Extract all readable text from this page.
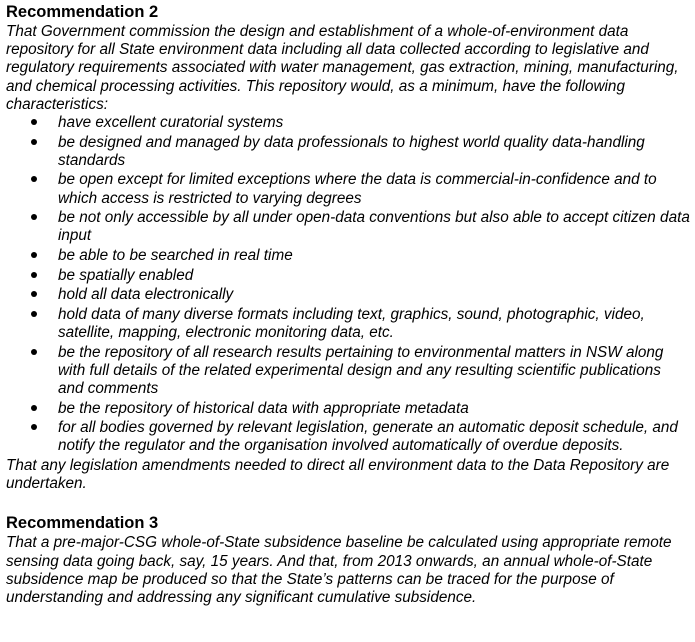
Recommendation 2

That Government commission the design and establishment of a whole-of-environment data repository for all State environment data including all data collected according to legislative and regulatory requirements associated with water management, gas extraction, mining, manufacturing, and chemical processing activities. This repository would, as a minimum, have the following characteristics:

have excellent curatorial systems
be designed and managed by data professionals to highest world quality data-handling standards
be open except for limited exceptions where the data is commercial-in-confidence and to which access is restricted to varying degrees
be not only accessible by all under open-data conventions but also able to accept citizen data input
be able to be searched in real time
be spatially enabled
hold all data electronically
hold data of many diverse formats including text, graphics, sound, photographic, video, satellite, mapping, electronic monitoring data, etc.
be the repository of all research results pertaining to environmental matters in NSW along with full details of the related experimental design and any resulting scientific publications and comments
be the repository of historical data with appropriate metadata
for all bodies governed by relevant legislation, generate an automatic deposit schedule, and notify the regulator and the organisation involved automatically of overdue deposits.

That any legislation amendments needed to direct all environment data to the Data Repository are undertaken.

Recommendation 3

That a pre-major-CSG whole-of-State subsidence baseline be calculated using appropriate remote sensing data going back, say, 15 years. And that, from 2013 onwards, an annual whole-of-State subsidence map be produced so that the State’s patterns can be traced for the purpose of understanding and addressing any significant cumulative subsidence.
